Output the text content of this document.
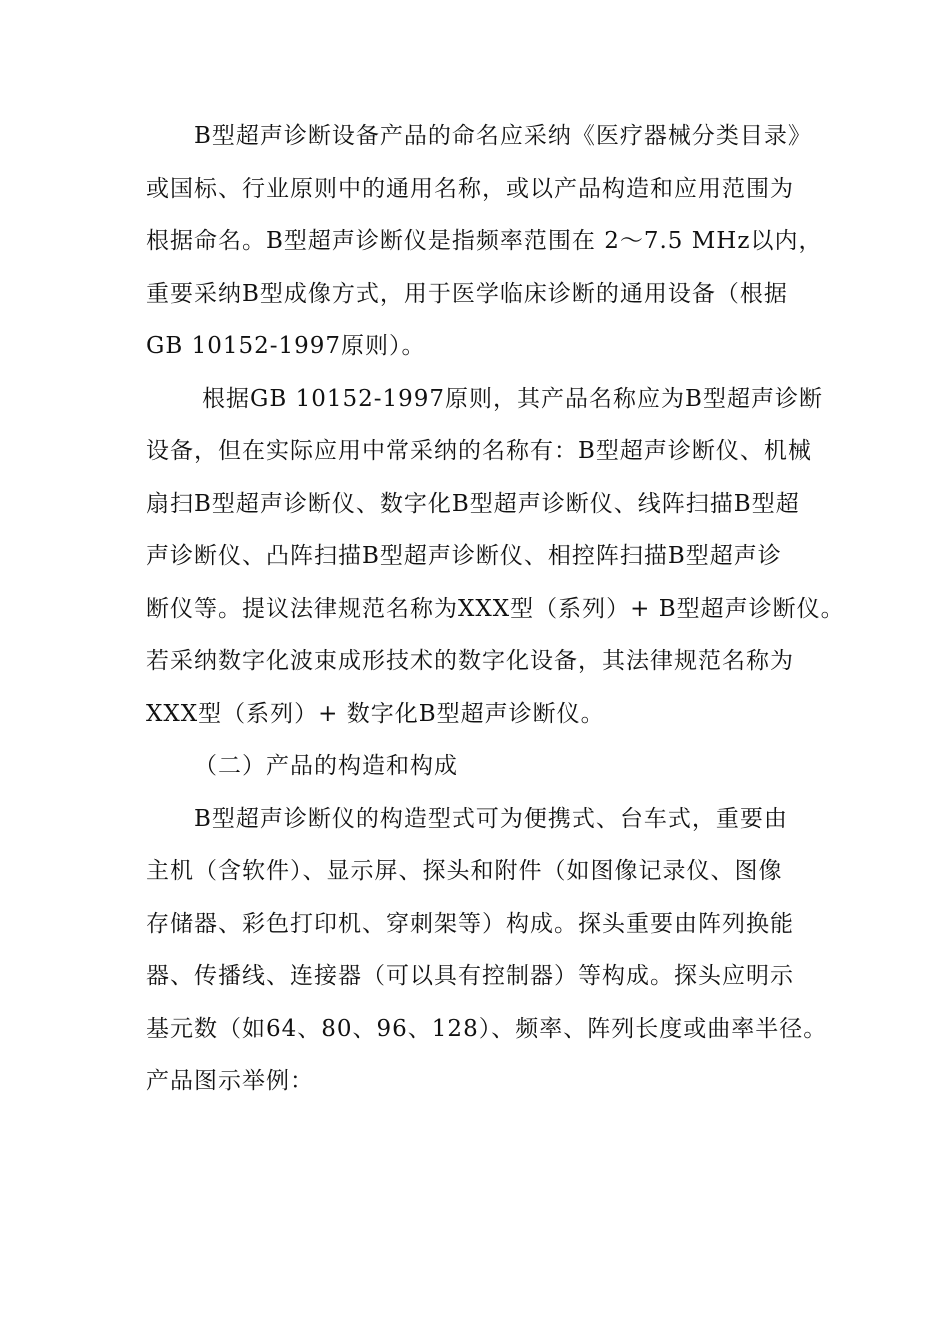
B型超声诊断设备产品的命名应采纳《医疗器械分类目录》
或国标、行业原则中的通用名称，或以产品构造和应用范围为
根据命名。B型超声诊断仪是指频率范围在 2～7.5 MHz以内，
重要采纳B型成像方式，用于医学临床诊断的通用设备（根据
GB 10152-1997原则）。
根据GB 10152-1997原则，其产品名称应为B型超声诊断
设备，但在实际应用中常采纳的名称有：B型超声诊断仪、机械
扇扫B型超声诊断仪、数字化B型超声诊断仪、线阵扫描B型超
声诊断仪、凸阵扫描B型超声诊断仪、相控阵扫描B型超声诊
断仪等。提议法律规范名称为XXX型（系列）+ B型超声诊断仪。
若采纳数字化波束成形技术的数字化设备，其法律规范名称为
XXX型（系列）+ 数字化B型超声诊断仪。
（二）产品的构造和构成
B型超声诊断仪的构造型式可为便携式、台车式，重要由
主机（含软件）、显示屏、探头和附件（如图像记录仪、图像
存储器、彩色打印机、穿刺架等）构成。探头重要由阵列换能
器、传播线、连接器（可以具有控制器）等构成。探头应明示
基元数（如64、80、96、128）、频率、阵列长度或曲率半径。
产品图示举例：
